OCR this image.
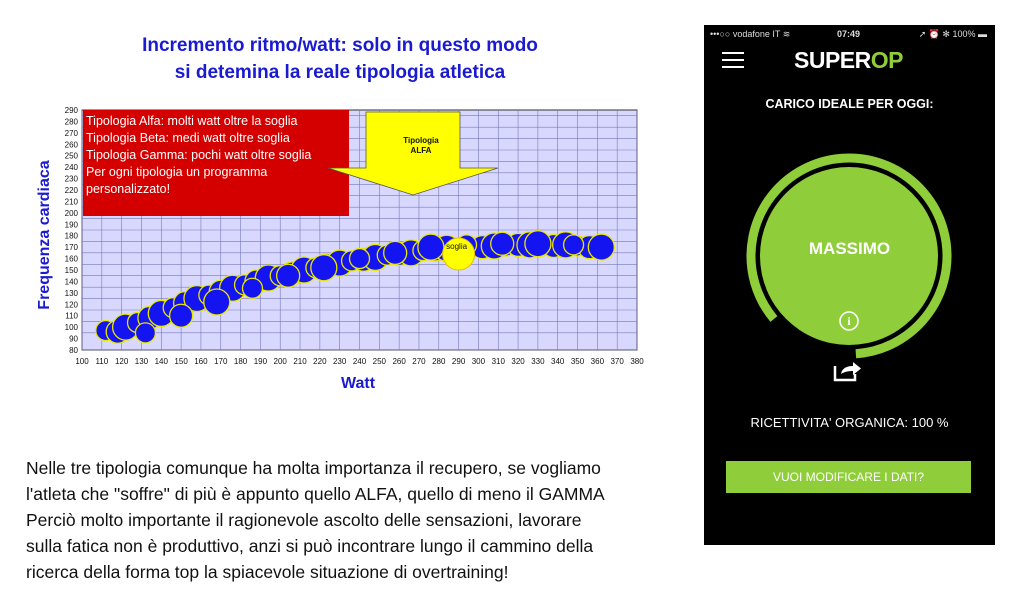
Incremento ritmo/watt: solo in questo modo
si detemina la reale tipologia atletica
Frequenza cardiaca
Watt
100 110 120 130 140 150 160 170 180 190 200 210 220 230 240 250 260 270 280 290 300 310 320 330 340 350 360 370 380
80
90
100
110
120
130
140
150
160
170
180
190
200
210
220
230
240
250
260
270
280
290
soglia
Tipologia Alfa: molti watt oltre la soglia
Tipologia Beta: medi watt oltre soglia
Tipologia Gamma: pochi watt oltre soglia
Per ogni tipologia un programma
personalizzato!
Tipologia
ALFA
Nelle tre tipologia comunque ha molta importanza il recupero, se vogliamo
l'atleta che "soffre" di più è appunto quello ALFA, quello di meno il GAMMA
Perciò molto importante il ragionevole ascolto delle sensazioni, lavorare
sulla fatica non è produttivo, anzi si può incontrare lungo il cammino della
ricerca della forma top la spiacevole situazione di overtraining!
•••○○ vodafone IT ≋	07:49	➚ ⏰ ✻ 100% ▬
SUPEROP
CARICO IDEALE PER OGGI:
i
MASSIMO
RICETTIVITA' ORGANICA: 100 %
VUOI MODIFICARE I DATI?
